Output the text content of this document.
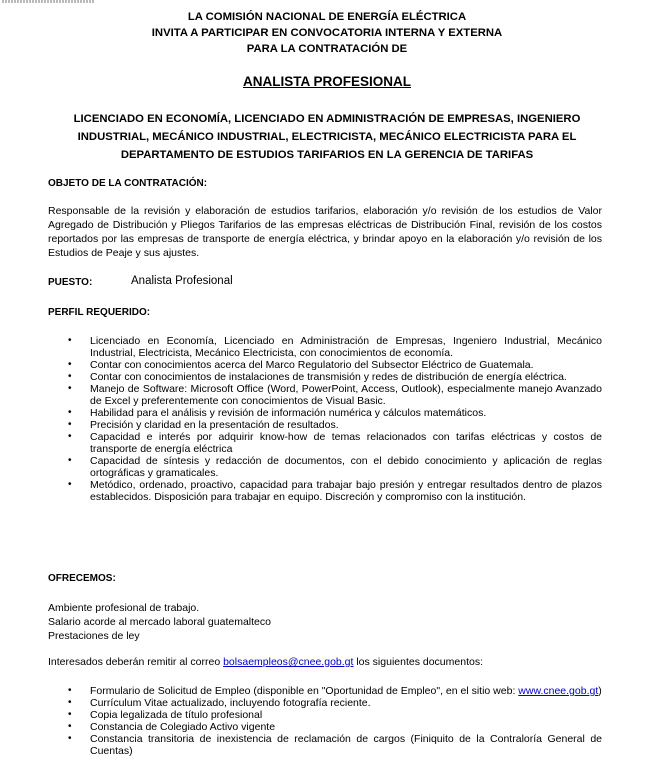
LA COMISIÓN NACIONAL DE ENERGÍA ELÉCTRICA
INVITA A PARTICIPAR EN CONVOCATORIA INTERNA Y EXTERNA
PARA LA CONTRATACIÓN DE
ANALISTA PROFESIONAL
LICENCIADO EN ECONOMÍA, LICENCIADO EN ADMINISTRACIÓN DE EMPRESAS, INGENIERO
INDUSTRIAL, MECÁNICO INDUSTRIAL, ELECTRICISTA, MECÁNICO ELECTRICISTA PARA EL
DEPARTAMENTO DE ESTUDIOS TARIFARIOS EN LA GERENCIA DE TARIFAS
OBJETO DE LA CONTRATACIÓN:
Responsable de la revisión y elaboración de estudios tarifarios, elaboración y/o revisión de los estudios de Valor Agregado de Distribución y Pliegos Tarifarios de las empresas eléctricas de Distribución Final, revisión de los costos reportados por las empresas de transporte de energía eléctrica, y brindar apoyo en la elaboración y/o revisión de los Estudios de Peaje y sus ajustes.
PUESTO:	Analista Profesional
PERFIL REQUERIDO:
• Licenciado en Economía, Licenciado en Administración de Empresas, Ingeniero Industrial, Mecánico Industrial, Electricista, Mecánico Electricista, con conocimientos de economía.
• Contar con conocimientos acerca del Marco Regulatorio del Subsector Eléctrico de Guatemala.
• Contar con conocimientos de instalaciones de transmisión y redes de distribución de energía eléctrica.
• Manejo de Software: Microsoft Office (Word, PowerPoint, Access, Outlook), especialmente manejo Avanzado de Excel y preferentemente con conocimientos de Visual Basic.
• Habilidad para el análisis y revisión de información numérica y cálculos matemáticos.
• Precisión y claridad en la presentación de resultados.
• Capacidad e interés por adquirir know-how de temas relacionados con tarifas eléctricas y costos de transporte de energía eléctrica
• Capacidad de síntesis y redacción de documentos, con el debido conocimiento y aplicación de reglas ortográficas y gramaticales.
• Metódico, ordenado, proactivo, capacidad para trabajar bajo presión y entregar resultados dentro de plazos establecidos. Disposición para trabajar en equipo. Discreción y compromiso con la institución.
OFRECEMOS:
Ambiente profesional de trabajo.
Salario acorde al mercado laboral guatemalteco
Prestaciones de ley
Interesados deberán remitir al correo bolsaempleos@cnee.gob.gt los siguientes documentos:
• Formulario de Solicitud de Empleo (disponible en "Oportunidad de Empleo", en el sitio web: www.cnee.gob.gt)
• Currículum Vitae actualizado, incluyendo fotografía reciente.
• Copia legalizada de título profesional
• Constancia de Colegiado Activo vigente
• Constancia transitoria de inexistencia de reclamación de cargos (Finiquito de la Contraloría General de Cuentas)
